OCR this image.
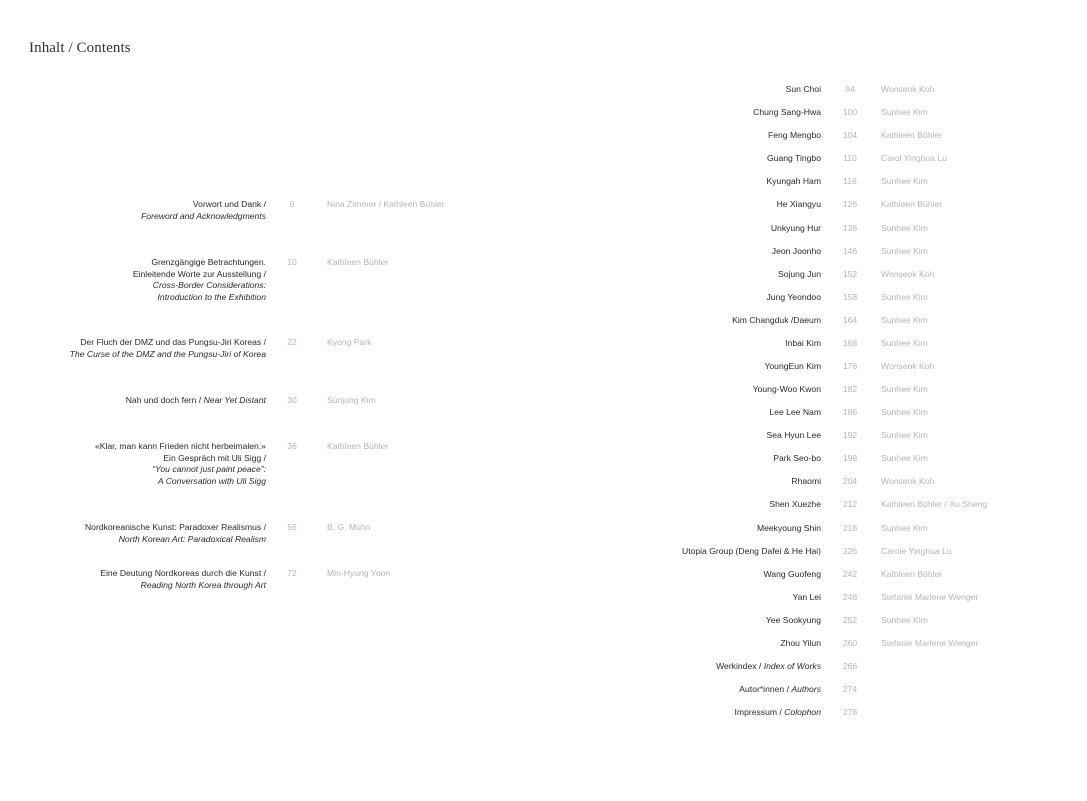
Inhalt / Contents
Vorwort und Dank /
Foreword and Acknowledgments
6	Nina Zimmer / Kathleen Bühler
Grenzgängige Betrachtungen.
Einleitende Worte zur Ausstellung /
Cross-Border Considerations:
Introduction to the Exhibition
10	Kathleen Bühler
Der Fluch der DMZ und das Pungsu-Jiri Koreas /
The Curse of the DMZ and the Pungsu-Jiri of Korea
22	Kyong Park
Nah und doch fern / Near Yet Distant	30	Sunjung Kim
«Klar, man kann Frieden nicht herbeimalen.»
Ein Gespräch mit Uli Sigg /
“You cannot just paint peace”:
A Conversation with Uli Sigg
36	Kathleen Bühler
Nordkoreanische Kunst: Paradoxer Realismus /
North Korean Art: Paradoxical Realism
56	B. G. Muhn
Eine Deutung Nordkoreas durch die Kunst /
Reading North Korea through Art
72	Min-Hyung Yoon
Sun Choi	94	Wonseok Koh
Chung Sang-Hwa	100	Sunhee Kim
Feng Mengbo	104	Kathleen Bühler
Guang Tingbo	110	Carol Yinghua Lu
Kyungah Ham	116	Sunhee Kim
He Xiangyu	126	Kathleen Bühler
Unkyung Hur	136	Sunhee Kim
Jeon Joonho	146	Sunhee Kim
Sojung Jun	152	Wonseok Koh
Jung Yeondoo	158	Sunhee Kim
Kim Changduk /Daeum	164	Sunhee Kim
Inbai Kim	168	Sunhee Kim
YoungEun Kim	176	Wonseok Koh
Young-Woo Kwon	182	Sunhee Kim
Lee Lee Nam	186	Sunhee Kim
Sea Hyun Lee	192	Sunhee Kim
Park Seo-bo	198	Sunhee Kim
Rhaomi	204	Wonseok Koh
Shen Xuezhe	212	Kathleen Bühler / Xu Sheng
Meekyoung Shin	218	Sunhee Kim
Utopia Group (Deng Dafei & He Hai)	226	Carole Yinghua Lu
Wang Guofeng	242	Kathleen Bühler
Yan Lei	248	Stefanie Marlene Wenger
Yee Sookyung	252	Sunhee Kim
Zhou Yilun	260	Stefanie Marlene Wenger
Werkindex / Index of Works	266
Autor*innen / Authors	274
Impressum / Colophon	278
